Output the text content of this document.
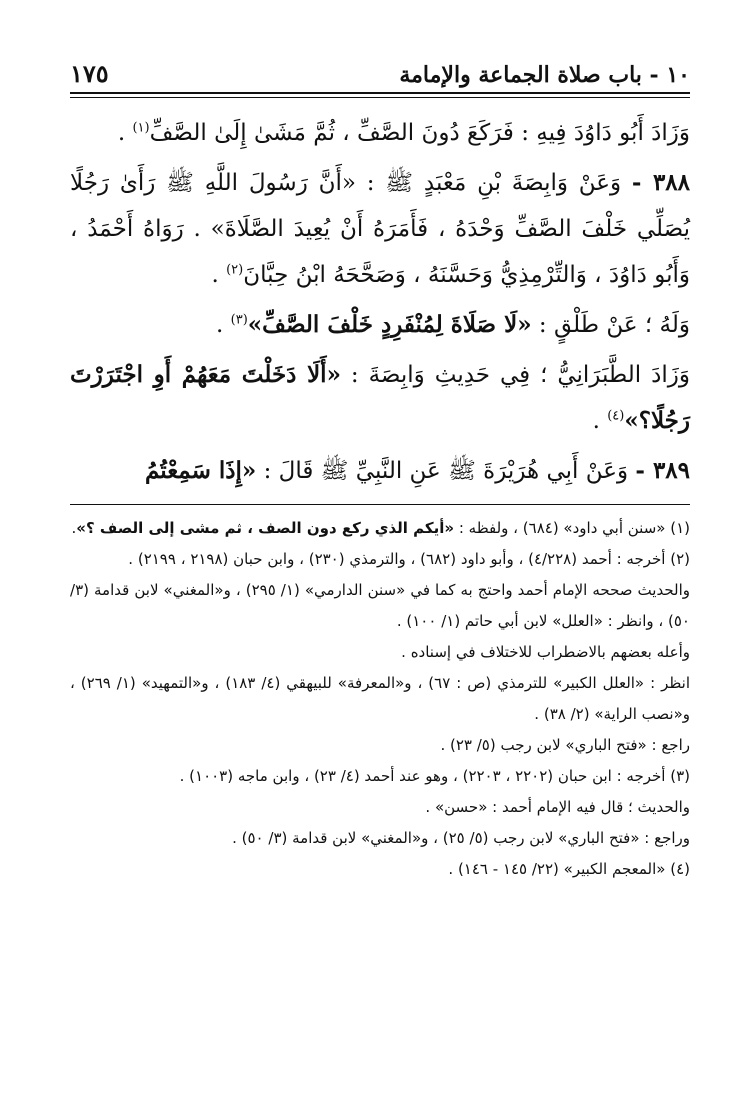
١٠ - باب صلاة الجماعة والإمامة
١٧٥

وَزَادَ أَبُو دَاوُدَ فِيهِ : فَرَكَعَ دُونَ الصَّفِّ ، ثُمَّ مَشَىٰ إِلَىٰ الصَّفِّ$^{(١)}$ .

٣٨٨ - وَعَنْ وَابِصَةَ بْنِ مَعْبَدٍ ﷺ : «أَنَّ رَسُولَ اللَّهِ ﷺ رَأَىٰ رَجُلًا يُصَلِّي خَلْفَ الصَّفِّ وَحْدَهُ ، فَأَمَرَهُ أَنْ يُعِيدَ الصَّلَاةَ» . رَوَاهُ أَحْمَدُ ، وَأَبُو دَاوُدَ ، وَالتِّرْمِذِيُّ وَحَسَّنَهُ ، وَصَحَّحَهُ ابْنُ حِبَّانَ$^{(٢)}$ .

وَلَهُ ؛ عَنْ طَلْقٍ : «لَا صَلَاةَ لِمُنْفَرِدٍ خَلْفَ الصَّفِّ»$^{(٣)}$ .

وَزَادَ الطَّبَرَانِيُّ ؛ فِي حَدِيثِ وَابِصَةَ : «أَلَا دَخَلْتَ مَعَهُمْ أَوِ اجْتَرَرْتَ رَجُلًا؟»$^{(٤)}$ .

٣٨٩ - وَعَنْ أَبِي هُرَيْرَةَ ﷺ عَنِ النَّبِيِّ ﷺ قَالَ : «إِذَا سَمِعْتُمُ

(١) «سنن أبي داود» (٦٨٤) ، ولفظه : «أيكم الذي ركع دون الصف ، ثم مشى إلى الصف ؟».

(٢) أخرجه : أحمد (٤/٢٢٨) ، وأبو داود (٦٨٢) ، والترمذي (٢٣٠) ، وابن حبان (٢١٩٨ ، ٢١٩٩) .

والحديث صححه الإمام أحمد واحتج به كما في «سنن الدارمي» (١/ ٢٩٥) ، و«المغني» لابن قدامة (٣/ ٥٠) ، وانظر : «العلل» لابن أبي حاتم (١/ ١٠٠) .

وأعله بعضهم بالاضطراب للاختلاف في إسناده .

انظر : «العلل الكبير» للترمذي (ص : ٦٧) ، و«المعرفة» للبيهقي (٤/ ١٨٣) ، و«التمهيد» (١/ ٢٦٩) ، و«نصب الراية» (٢/ ٣٨) .

راجع : «فتح الباري» لابن رجب (٥/ ٢٣) .

(٣) أخرجه : ابن حبان (٢٢٠٢ ، ٢٢٠٣) ، وهو عند أحمد (٤/ ٢٣) ، وابن ماجه (١٠٠٣) .

والحديث ؛ قال فيه الإمام أحمد : «حسن» .

وراجع : «فتح الباري» لابن رجب (٥/ ٢٥) ، و«المغني» لابن قدامة (٣/ ٥٠) .

(٤) «المعجم الكبير» (٢٢/ ١٤٥ - ١٤٦) .
